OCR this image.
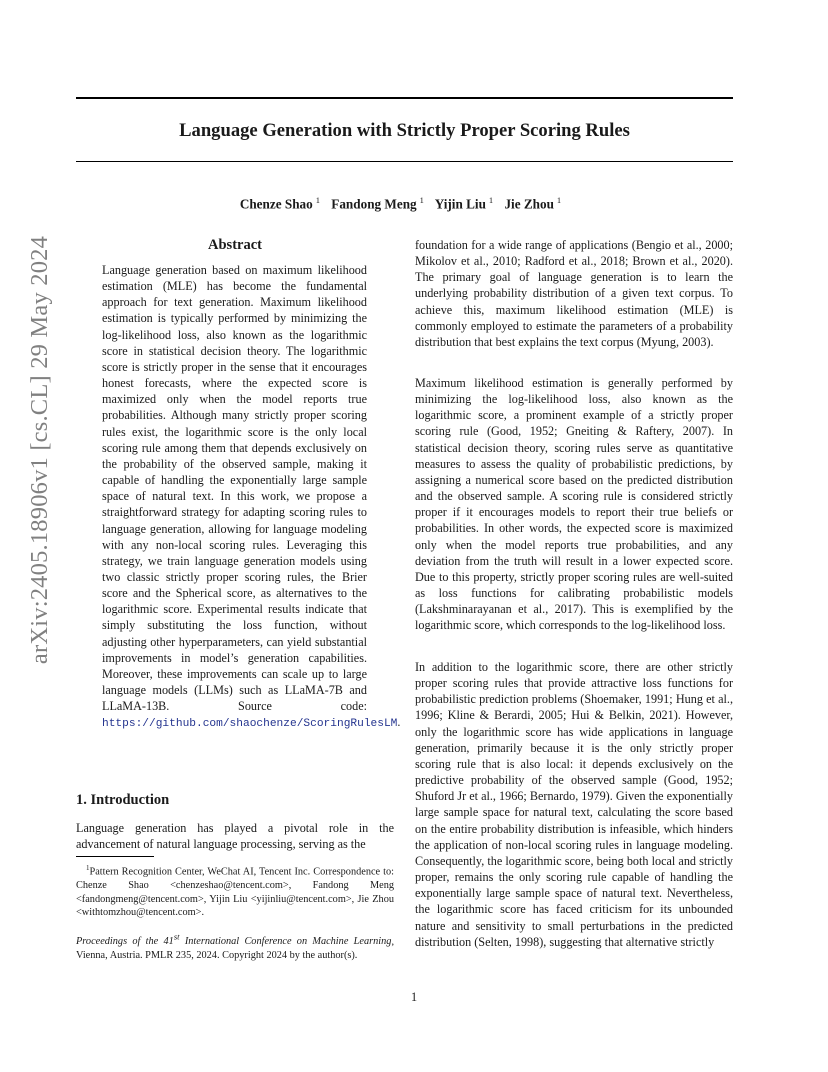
Language Generation with Strictly Proper Scoring Rules
Chenze Shao $^1$ Fandong Meng $^1$ Yijin Liu $^1$ Jie Zhou $^1$
arXiv:2405.18906v1 [cs.CL] 29 May 2024	Abstract

Language generation based on maximum likelihood estimation (MLE) has become the fundamental approach for text generation. Maximum likelihood estimation is typically performed by minimizing the log-likelihood loss, also known as the logarithmic score in statistical decision theory. The logarithmic score is strictly proper in the sense that it encourages honest forecasts, where the expected score is maximized only when the model reports true probabilities. Although many strictly proper scoring rules exist, the logarithmic score is the only local scoring rule among them that depends exclusively on the probability of the observed sample, making it capable of handling the exponentially large sample space of natural text. In this work, we propose a straightforward strategy for adapting scoring rules to language generation, allowing for language modeling with any non-local scoring rules. Leveraging this strategy, we train language generation models using two classic strictly proper scoring rules, the Brier score and the Spherical score, as alternatives to the logarithmic score. Experimental results indicate that simply substituting the loss function, without adjusting other hyperparameters, can yield substantial improvements in model’s generation capabilities. Moreover, these improvements can scale up to large language models (LLMs) such as LLaMA-7B and LLaMA-13B. Source code: https://github.com/shaochenze/ScoringRulesLM.

1. Introduction

Language generation has played a pivotal role in the advancement of natural language processing, serving as the

$^1$Pattern Recognition Center, WeChat AI, Tencent Inc. Correspondence to: Chenze Shao <chenzeshao@tencent.com>, Fandong Meng <fandongmeng@tencent.com>, Yijin Liu <yijinliu@tencent.com>, Jie Zhou <withtomzhou@tencent.com>.

Proceedings of the 41st International Conference on Machine Learning, Vienna, Austria. PMLR 235, 2024. Copyright 2024 by the author(s).

foundation for a wide range of applications (Bengio et al., 2000; Mikolov et al., 2010; Radford et al., 2018; Brown et al., 2020). The primary goal of language generation is to learn the underlying probability distribution of a given text corpus. To achieve this, maximum likelihood estimation (MLE) is commonly employed to estimate the parameters of a probability distribution that best explains the text corpus (Myung, 2003).

Maximum likelihood estimation is generally performed by minimizing the log-likelihood loss, also known as the logarithmic score, a prominent example of a strictly proper scoring rule (Good, 1952; Gneiting & Raftery, 2007). In statistical decision theory, scoring rules serve as quantitative measures to assess the quality of probabilistic predictions, by assigning a numerical score based on the predicted distribution and the observed sample. A scoring rule is considered strictly proper if it encourages models to report their true beliefs or probabilities. In other words, the expected score is maximized only when the model reports true probabilities, and any deviation from the truth will result in a lower expected score. Due to this property, strictly proper scoring rules are well-suited as loss functions for calibrating probabilistic models (Lakshminarayanan et al., 2017). This is exemplified by the logarithmic score, which corresponds to the log-likelihood loss.

In addition to the logarithmic score, there are other strictly proper scoring rules that provide attractive loss functions for probabilistic prediction problems (Shoemaker, 1991; Hung et al., 1996; Kline & Berardi, 2005; Hui & Belkin, 2021). However, only the logarithmic score has wide applications in language generation, primarily because it is the only strictly proper scoring rule that is also local: it depends exclusively on the predictive probability of the observed sample (Good, 1952; Shuford Jr et al., 1966; Bernardo, 1979). Given the exponentially large sample space for natural text, calculating the score based on the entire probability distribution is infeasible, which hinders the application of non-local scoring rules in language modeling. Consequently, the logarithmic score, being both local and strictly proper, remains the only scoring rule capable of handling the exponentially large sample space of natural text. Nevertheless, the logarithmic score has faced criticism for its unbounded nature and sensitivity to small perturbations in the predicted distribution (Selten, 1998), suggesting that alternative strictly

1
